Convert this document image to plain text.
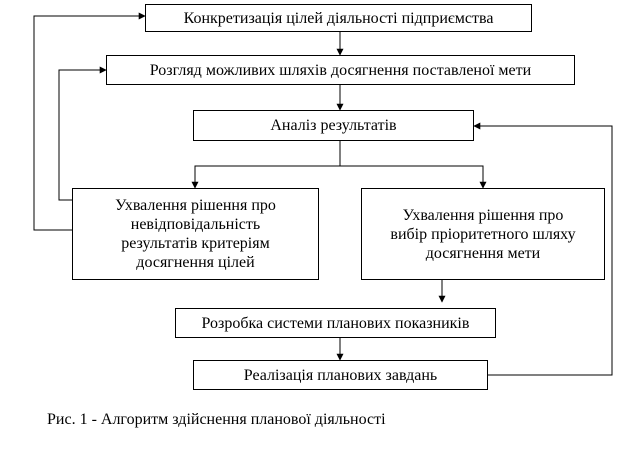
Конкретизація цілей діяльності підприємства
Розгляд можливих шляхів досягнення поставленої мети
Аналіз результатів
Ухвалення рішення про
невідповідальність
результатів критеріям
досягнення цілей
Ухвалення рішення про
вибір пріоритетного шляху
досягнення мети
Розробка системи планових показників
Реалізація планових завдань
Рис. 1 - Алгоритм здійснення планової діяльності
